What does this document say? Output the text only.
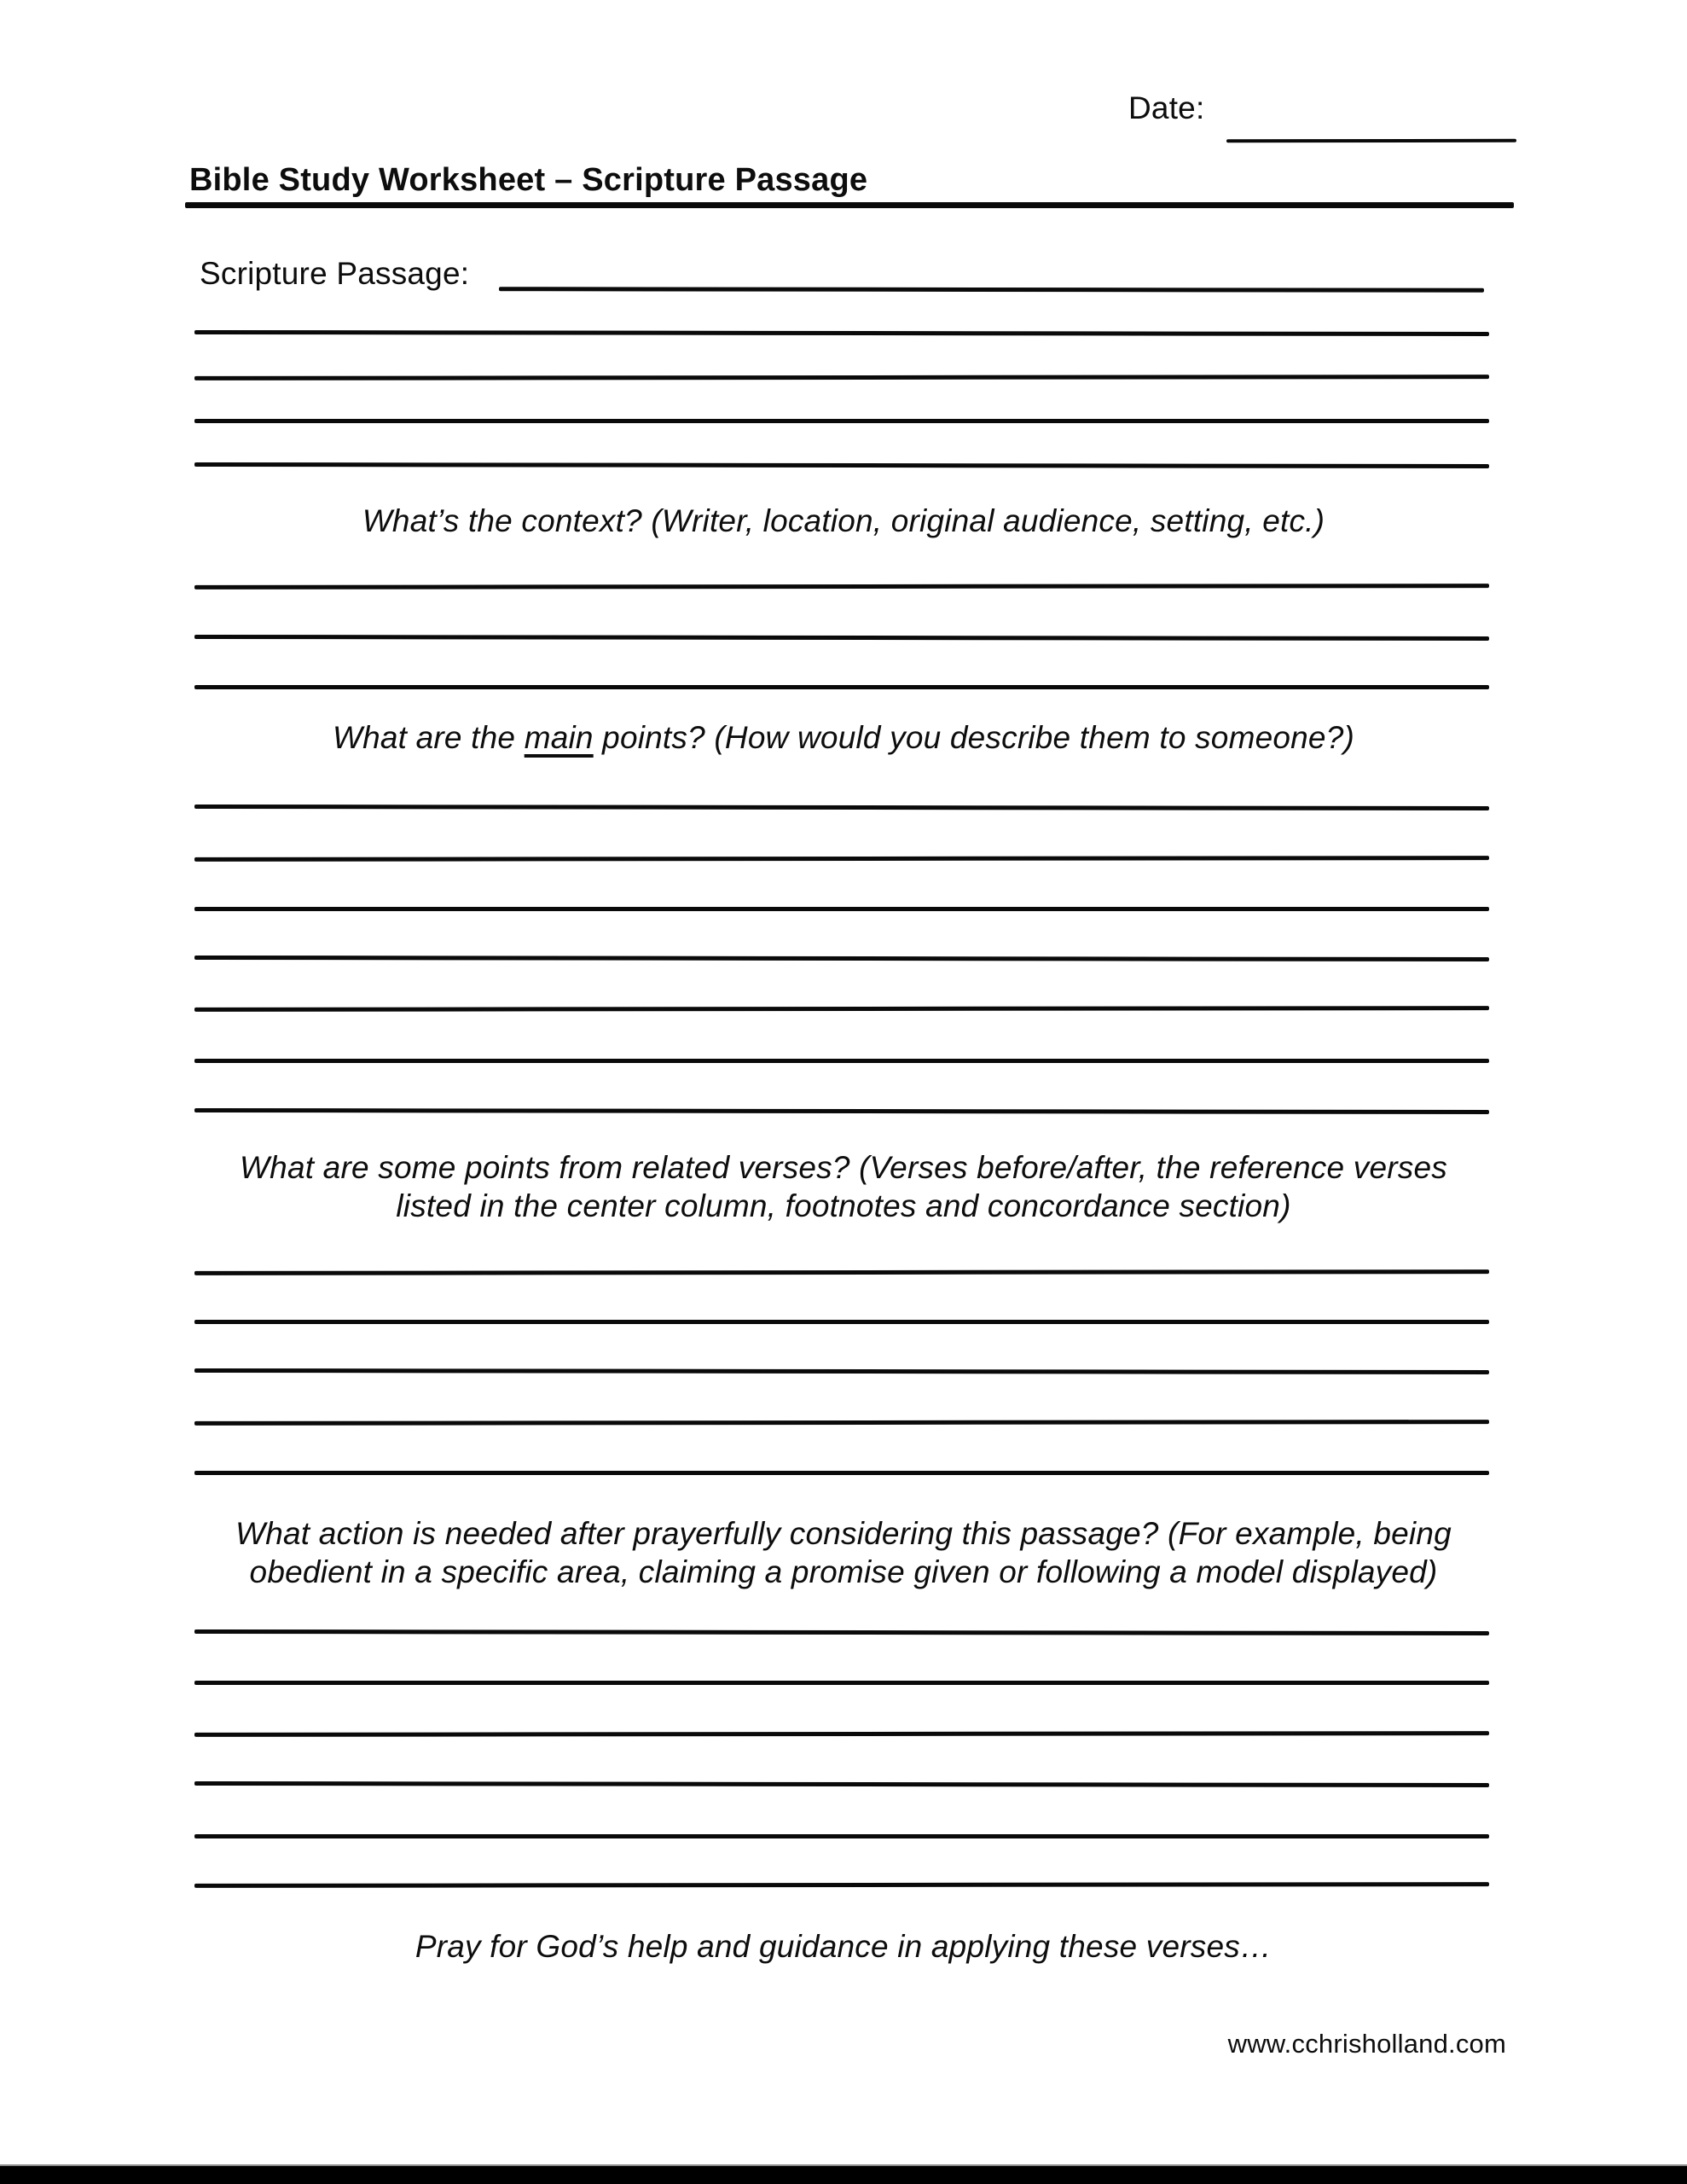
Date:
Bible Study Worksheet – Scripture Passage
Scripture Passage:
What’s the context? (Writer, location, original audience, setting, etc.)
What are the main points? (How would you describe them to someone?)
What are some points from related verses? (Verses before/after, the reference verses
listed in the center column, footnotes and concordance section)
What action is needed after prayerfully considering this passage? (For example, being
obedient in a specific area, claiming a promise given or following a model displayed)
Pray for God’s help and guidance in applying these verses…
www.cchrisholland.com
